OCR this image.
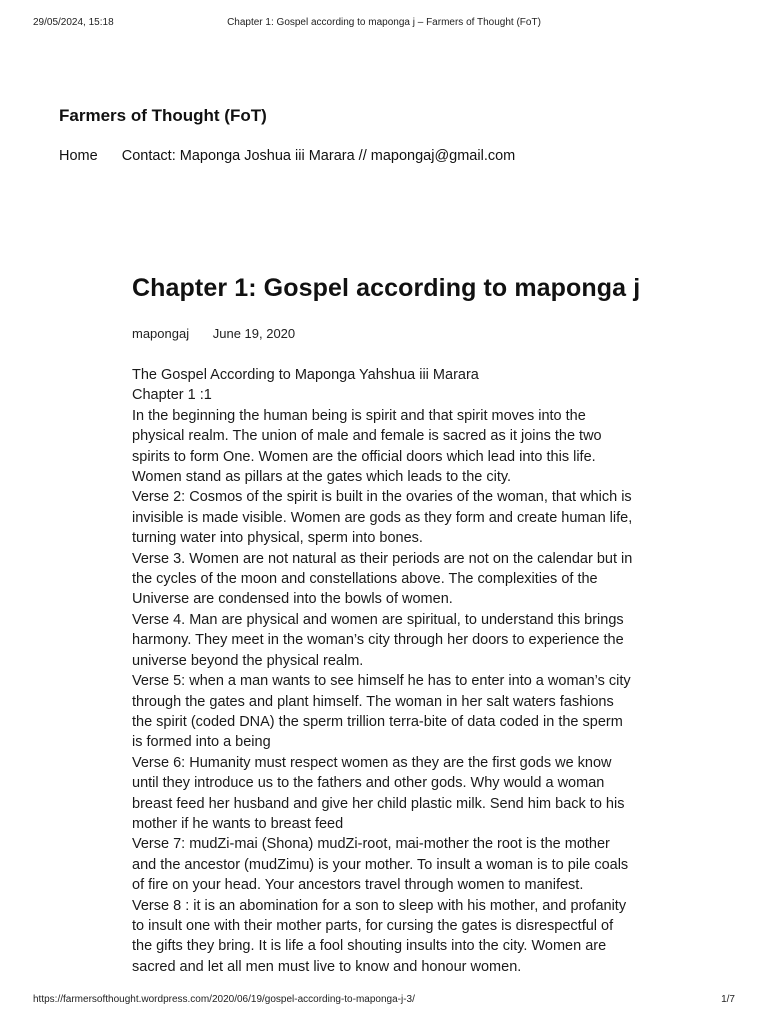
29/05/2024, 15:18	Chapter 1: Gospel according to maponga j – Farmers of Thought (FoT)
Farmers of Thought (FoT)
Home Contact: Maponga Joshua iii Marara // mapongaj@gmail.com
Chapter 1: Gospel according to maponga j
mapongaj June 19, 2020

The Gospel According to Maponga Yahshua iii Marara

Chapter 1 :1

In the beginning the human being is spirit and that spirit moves into the physical realm. The union of male and female is sacred as it joins the two spirits to form One. Women are the official doors which lead into this life. Women stand as pillars at the gates which leads to the city.

Verse 2: Cosmos of the spirit is built in the ovaries of the woman, that which is invisible is made visible. Women are gods as they form and create human life, turning water into physical, sperm into bones.

Verse 3. Women are not natural as their periods are not on the calendar but in the cycles of the moon and constellations above. The complexities of the Universe are condensed into the bowls of women.

Verse 4. Man are physical and women are spiritual, to understand this brings harmony. They meet in the woman’s city through her doors to experience the universe beyond the physical realm.

Verse 5: when a man wants to see himself he has to enter into a woman’s city through the gates and plant himself. The woman in her salt waters fashions the spirit (coded DNA) the sperm trillion terra-bite of data coded in the sperm is formed into a being

Verse 6: Humanity must respect women as they are the first gods we know until they introduce us to the fathers and other gods. Why would a woman breast feed her husband and give her child plastic milk. Send him back to his mother if he wants to breast feed

Verse 7: mudZi-mai (Shona) mudZi-root, mai-mother the root is the mother and the ancestor (mudZimu) is your mother. To insult a woman is to pile coals of fire on your head. Your ancestors travel through women to manifest.

Verse 8 : it is an abomination for a son to sleep with his mother, and profanity to insult one with their mother parts, for cursing the gates is disrespectful of the gifts they bring. It is life a fool shouting insults into the city. Women are sacred and let all men must live to know and honour women.

https://farmersofthought.wordpress.com/2020/06/19/gospel-according-to-maponga-j-3/	1/7
